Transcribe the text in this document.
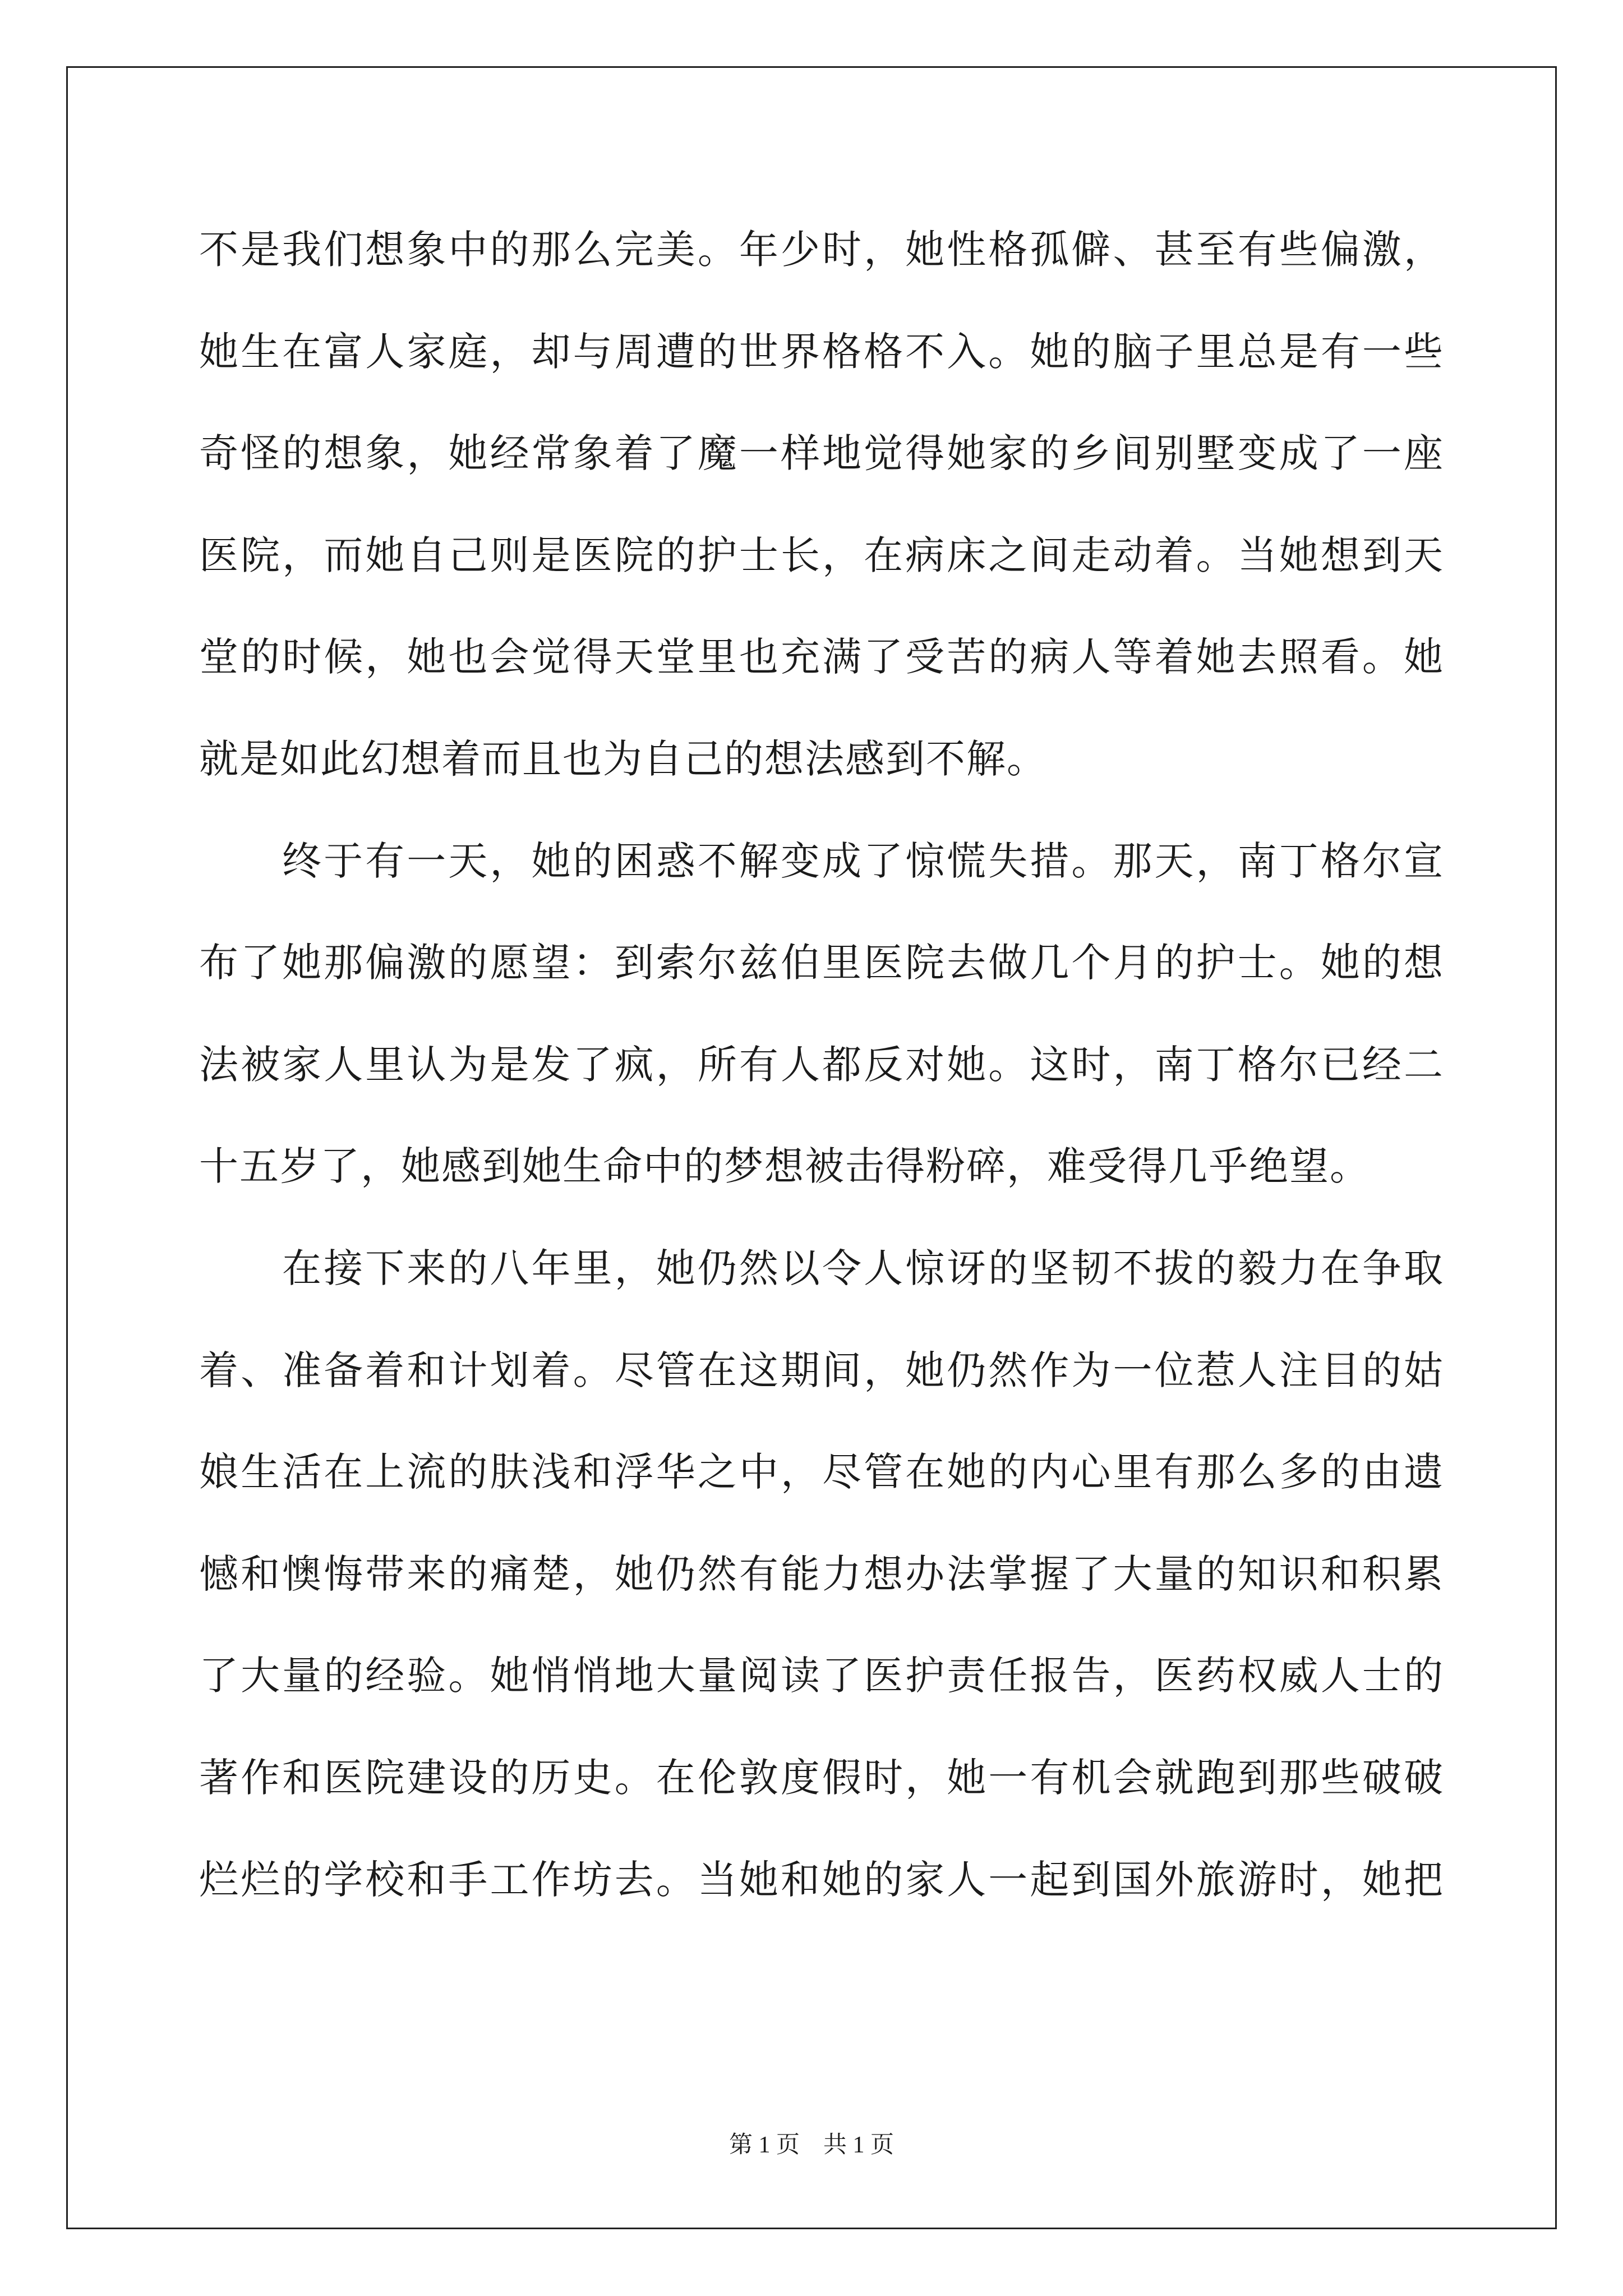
不是我们想象中的那么完美。年少时，她性格孤僻、甚至有些偏激，
她生在富人家庭，却与周遭的世界格格不入。她的脑子里总是有一些
奇怪的想象，她经常象着了魔一样地觉得她家的乡间别墅变成了一座
医院，而她自己则是医院的护士长，在病床之间走动着。当她想到天
堂的时候，她也会觉得天堂里也充满了受苦的病人等着她去照看。她
就是如此幻想着而且也为自己的想法感到不解。
终于有一天，她的困惑不解变成了惊慌失措。那天，南丁格尔宣
布了她那偏激的愿望：到索尔兹伯里医院去做几个月的护士。她的想
法被家人里认为是发了疯，所有人都反对她。这时，南丁格尔已经二
十五岁了，她感到她生命中的梦想被击得粉碎，难受得几乎绝望。
在接下来的八年里，她仍然以令人惊讶的坚韧不拔的毅力在争取
着、准备着和计划着。尽管在这期间，她仍然作为一位惹人注目的姑
娘生活在上流的肤浅和浮华之中，尽管在她的内心里有那么多的由遗
憾和懊悔带来的痛楚，她仍然有能力想办法掌握了大量的知识和积累
了大量的经验。她悄悄地大量阅读了医护责任报告，医药权威人士的
著作和医院建设的历史。在伦敦度假时，她一有机会就跑到那些破破
烂烂的学校和手工作坊去。当她和她的家人一起到国外旅游时，她把
第 1 页    共 1 页
